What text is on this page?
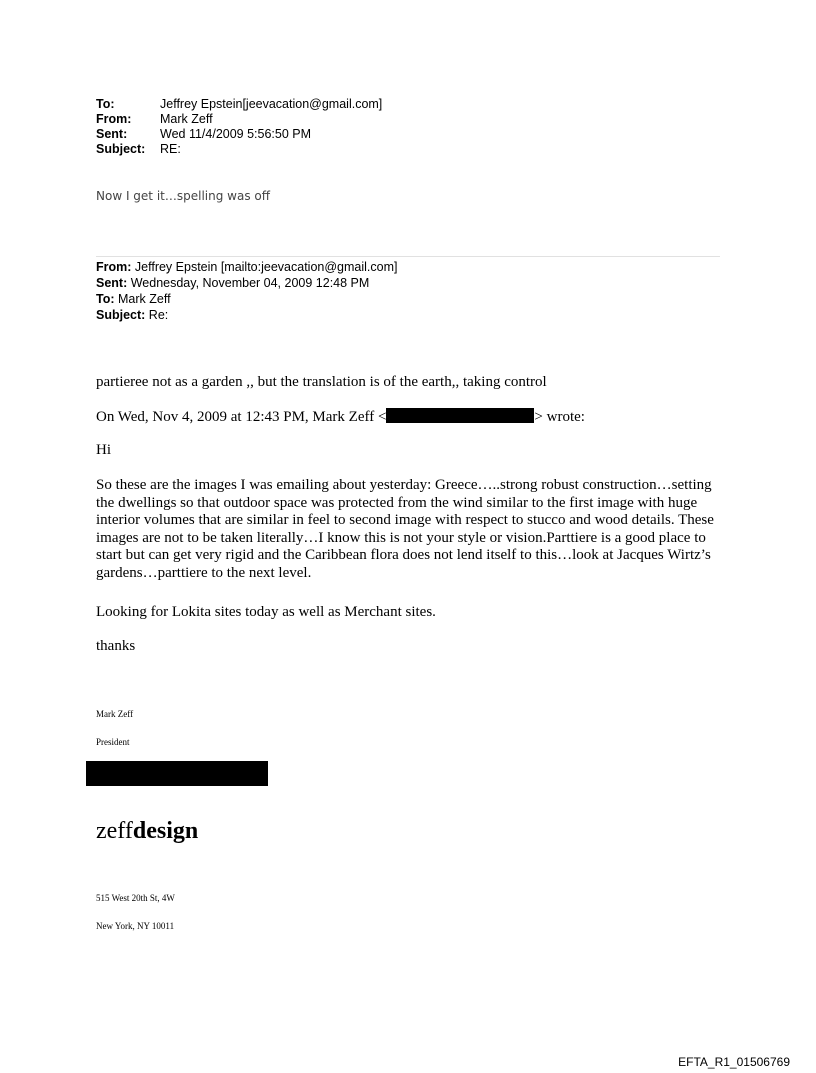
To:	Jeffrey Epstein[jeevacation@gmail.com]
From:	Mark Zeff
Sent:	Wed 11/4/2009 5:56:50 PM
Subject:	RE:
Now I get it…spelling was off
From: Jeffrey Epstein [mailto:jeevacation@gmail.com]
Sent: Wednesday, November 04, 2009 12:48 PM
To: Mark Zeff
Subject: Re:
partieree not as a garden ,, but the translation is of the earth,, taking control
On Wed, Nov 4, 2009 at 12:43 PM, Mark Zeff <	> wrote:
Hi
So these are the images I was emailing about yesterday: Greece…..strong robust construction…setting the dwellings so that outdoor space was protected from the wind similar to the first image with huge interior volumes that are similar in feel to second image with respect to stucco and wood details. These images are not to be taken literally…I know this is not your style or vision.Parttiere is a good place to start but can get very rigid and the Caribbean flora does not lend itself to this…look at Jacques Wirtz’s gardens…parttiere to the next level.
Looking for Lokita sites today as well as Merchant sites.
thanks
Mark Zeff
President
zeffdesign
515 West 20th St, 4W
New York, NY 10011
EFTA_R1_01506769
